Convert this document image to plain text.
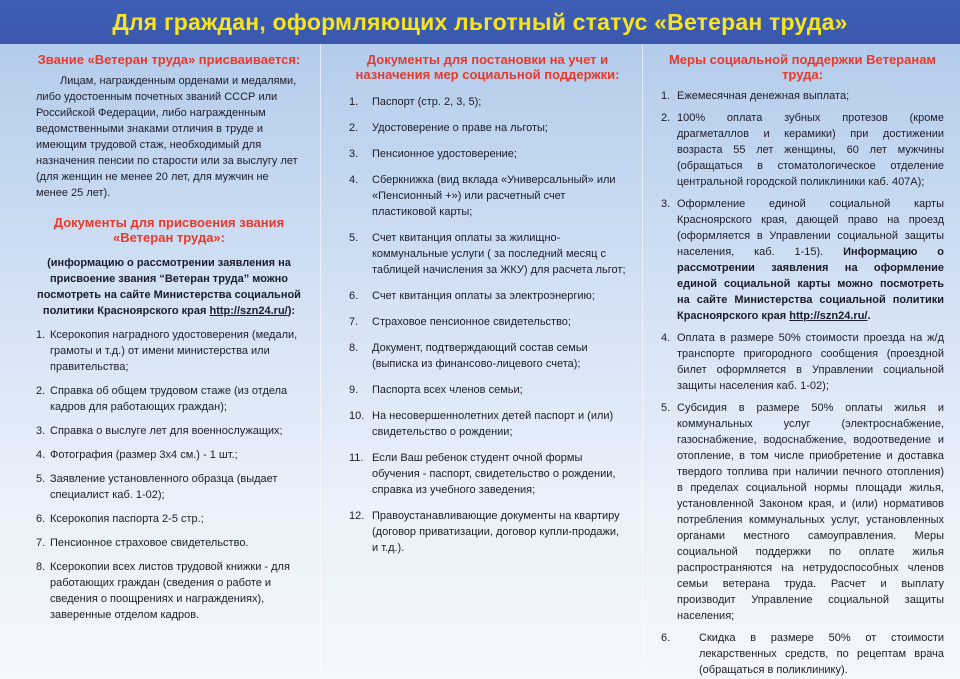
Для граждан, оформляющих льготный статус «Ветеран труда»

Звание «Ветеран труда» присваивается:

Лицам, награжденным орденами и медалями, либо удостоенным почетных званий СССР или Российской Федерации, либо награжденным ведомственными знаками отличия в труде и имеющим трудовой стаж, необходимый для назначения пенсии по старости или за выслугу лет (для женщин не менее 20 лет, для мужчин не менее 25 лет).

Документы для присвоения звания «Ветеран труда»:

(информацию о рассмотрении заявления на присвоение звания “Ветеран труда” можно посмотреть на сайте Министерства социальной политики Красноярского края http://szn24.ru/):

1. Ксерокопия наградного удостоверения (медали, грамоты и т.д.) от имени министерства или правительства;
2. Справка об общем трудовом стаже (из отдела кадров для работающих граждан);
3. Справка о выслуге лет для военнослужащих;
4. Фотография (размер 3х4 см.) - 1 шт.;
5. Заявление установленного образца (выдает специалист каб. 1-02);
6. Ксерокопия паспорта 2-5 стр.;
7. Пенсионное страховое свидетельство.
8. Ксерокопии всех листов трудовой книжки - для работающих граждан (сведения о работе и сведения о поощрениях и награждениях), заверенные отделом кадров.

Документы для постановки на учет и назначения мер социальной поддержки:

1. Паспорт (стр. 2, 3, 5);
2. Удостоверение о праве на льготы;
3. Пенсионное удостоверение;
4. Сберкнижка (вид вклада «Универсальный» или «Пенсионный +») или расчетный счет пластиковой карты;
5. Счет квитанция оплаты за жилищно-коммунальные услуги ( за последний месяц с таблицей начисления за ЖКУ) для расчета льгот;
6. Счет квитанция оплаты за электроэнергию;
7. Страховое пенсионное свидетельство;
8. Документ, подтверждающий состав семьи (выписка из финансово-лицевого счета);
9. Паспорта всех членов семьи;
10. На несовершеннолетних детей паспорт и (или) свидетельство о рождении;
11. Если Ваш ребенок студент очной формы обучения - паспорт, свидетельство о рождении, справка из учебного заведения;
12. Правоустанавливающие документы на квартиру (договор приватизации, договор купли-продажи, и т.д.).

Меры социальной поддержки Ветеранам труда:

1. Ежемесячная денежная выплата;
2. 100% оплата зубных протезов (кроме драгметаллов и керамики) при достижении возраста 55 лет женщины, 60 лет мужчины (обращаться в стоматологическое отделение центральной городской поликлиники каб. 407А);
3. Оформление единой социальной карты Красноярского края, дающей право на проезд (оформляется в Управлении социальной защиты населения, каб. 1-15). Информацию о рассмотрении заявления на оформление единой социальной карты можно посмотреть на сайте Министерства социальной политики Красноярского края http://szn24.ru/.
4. Оплата в размере 50% стоимости проезда на ж/д транспорте пригородного сообщения (проездной билет оформляется в Управлении социальной защиты населения каб. 1-02);
5. Субсидия в размере 50% оплаты жилья и коммунальных услуг (электроснабжение, газоснабжение, водоснабжение, водоотведение и отопление, в том числе приобретение и доставка твердого топлива при наличии печного отопления) в пределах социальной нормы площади жилья, установленной Законом края, и (или) нормативов потребления коммунальных услуг, установленных органами местного самоуправления. Меры социальной поддержки по оплате жилья распространяются на нетрудоспособных членов семьи ветерана труда. Расчет и выплату производит Управление социальной защиты населения;
6.	Скидка в размере 50% от стоимости лекарственных средств, по рецептам врача (обращаться в поликлинику).
